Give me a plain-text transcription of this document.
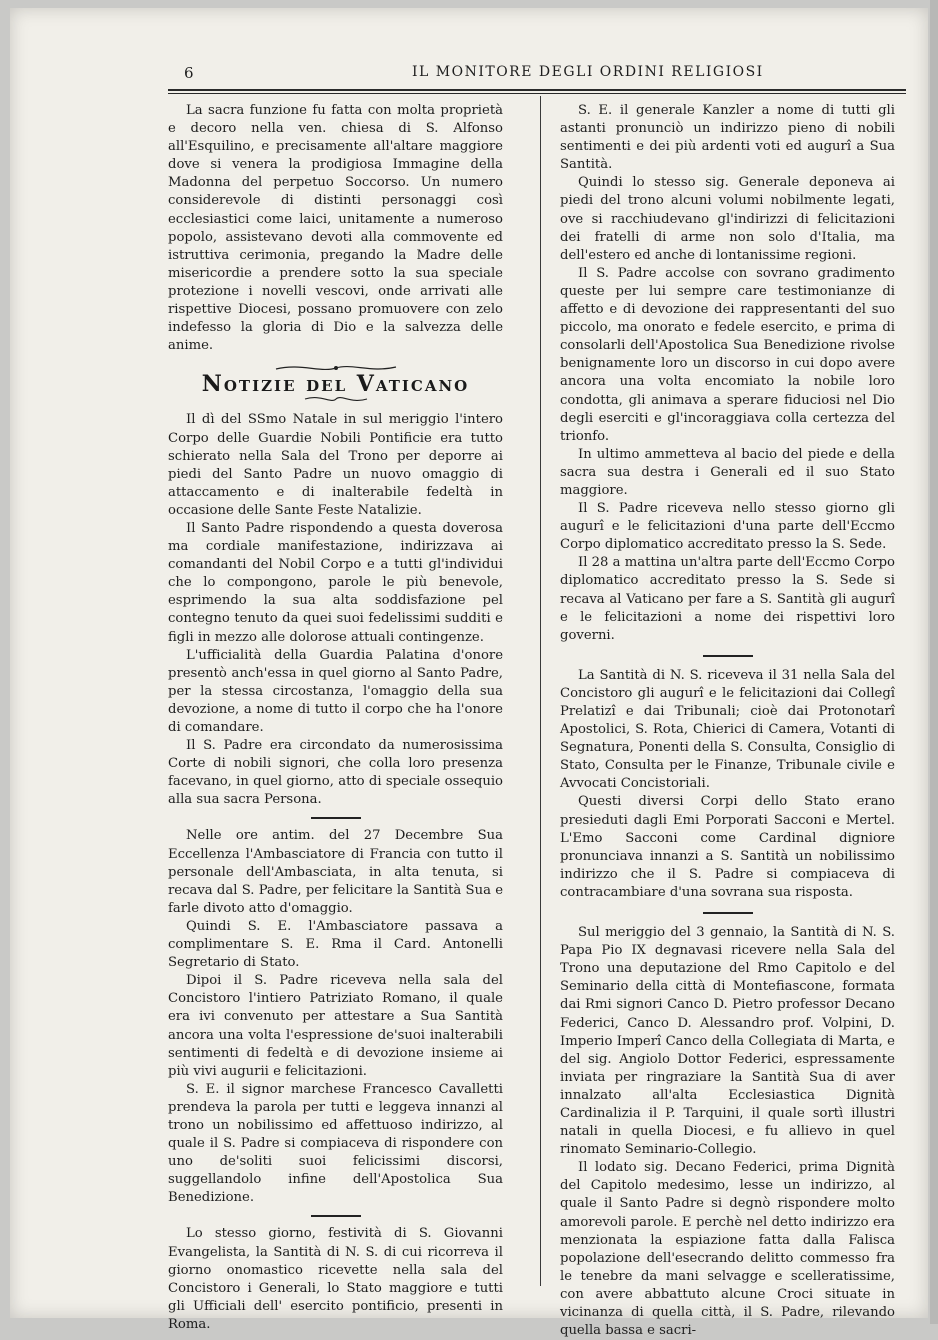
6	IL MONITORE DEGLI ORDINI RELIGIOSI

La sacra funzione fu fatta con molta proprietà e decoro nella ven. chiesa di S. Alfonso all'Esquilino, e precisamente all'altare maggiore dove si venera la prodigiosa Immagine della Madonna del perpetuo Soccorso. Un numero considerevole di distinti personaggi così ecclesiastici come laici, unitamente a numeroso popolo, assistevano devoti alla commovente ed istruttiva cerimonia, pregando la Madre delle misericordie a prendere sotto la sua speciale protezione i novelli vescovi, onde arrivati alle rispettive Diocesi, possano promuovere con zelo indefesso la gloria di Dio e la salvezza delle anime.

Notizie del Vaticano

Il dì del SSmo Natale in sul meriggio l'intero Corpo delle Guardie Nobili Pontificie era tutto schierato nella Sala del Trono per deporre ai piedi del Santo Padre un nuovo omaggio di attaccamento e di inalterabile fedeltà in occasione delle Sante Feste Natalizie.

Il Santo Padre rispondendo a questa doverosa ma cordiale manifestazione, indirizzava ai comandanti del Nobil Corpo e a tutti gl'individui che lo compongono, parole le più benevole, esprimendo la sua alta soddisfazione pel contegno tenuto da quei suoi fedelissimi sudditi e figli in mezzo alle dolorose attuali contingenze.

L'ufficialità della Guardia Palatina d'onore presentò anch'essa in quel giorno al Santo Padre, per la stessa circostanza, l'omaggio della sua devozione, a nome di tutto il corpo che ha l'onore di comandare.

Il S. Padre era circondato da numerosissima Corte di nobili signori, che colla loro presenza facevano, in quel giorno, atto di speciale ossequio alla sua sacra Persona.

Nelle ore antim. del 27 Decembre Sua Eccellenza l'Ambasciatore di Francia con tutto il personale dell'Ambasciata, in alta tenuta, si recava dal S. Padre, per felicitare la Santità Sua e farle divoto atto d'omaggio.

Quindi S. E. l'Ambasciatore passava a complimentare S. E. Rma il Card. Antonelli Segretario di Stato.

Dipoi il S. Padre riceveva nella sala del Concistoro l'intiero Patriziato Romano, il quale era ivi convenuto per attestare a Sua Santità ancora una volta l'espressione de'suoi inalterabili sentimenti di fedeltà e di devozione insieme ai più vivi augurii e felicitazioni.

S. E. il signor marchese Francesco Cavalletti prendeva la parola per tutti e leggeva innanzi al trono un nobilissimo ed affettuoso indirizzo, al quale il S. Padre si compiaceva di rispondere con uno de'soliti suoi felicissimi discorsi, suggellandolo infine dell'Apostolica Sua Benedizione.

Lo stesso giorno, festività di S. Giovanni Evangelista, la Santità di N. S. di cui ricorreva il giorno onomastico ricevette nella sala del Concistoro i Generali, lo Stato maggiore e tutti gli Ufficiali dell' esercito pontificio, presenti in Roma.

S. E. il generale Kanzler a nome di tutti gli astanti pronunciò un indirizzo pieno di nobili sentimenti e dei più ardenti voti ed augurî a Sua Santità.

Quindi lo stesso sig. Generale deponeva ai piedi del trono alcuni volumi nobilmente legati, ove si racchiudevano gl'indirizzi di felicitazioni dei fratelli di arme non solo d'Italia, ma dell'estero ed anche di lontanissime regioni.

Il S. Padre accolse con sovrano gradimento queste per lui sempre care testimonianze di affetto e di devozione dei rappresentanti del suo piccolo, ma onorato e fedele esercito, e prima di consolarli dell'Apostolica Sua Benedizione rivolse benignamente loro un discorso in cui dopo avere ancora una volta encomiato la nobile loro condotta, gli animava a sperare fiduciosi nel Dio degli eserciti e gl'incoraggiava colla certezza del trionfo.

In ultimo ammetteva al bacio del piede e della sacra sua destra i Generali ed il suo Stato maggiore.

Il S. Padre riceveva nello stesso giorno gli augurî e le felicitazioni d'una parte dell'Eccmo Corpo diplomatico accreditato presso la S. Sede.

Il 28 a mattina un'altra parte dell'Eccmo Corpo diplomatico accreditato presso la S. Sede si recava al Vaticano per fare a S. Santità gli augurî e le felicitazioni a nome dei rispettivi loro governi.

La Santità di N. S. riceveva il 31 nella Sala del Concistoro gli augurî e le felicitazioni dai Collegî Prelatizî e dai Tribunali; cioè dai Protonotarî Apostolici, S. Rota, Chierici di Camera, Votanti di Segnatura, Ponenti della S. Consulta, Consiglio di Stato, Consulta per le Finanze, Tribunale civile e Avvocati Concistoriali.

Questi diversi Corpi dello Stato erano presieduti dagli Emi Porporati Sacconi e Mertel. L'Emo Sacconi come Cardinal digniore pronunciava innanzi a S. Santità un nobilissimo indirizzo che il S. Padre si compiaceva di contracambiare d'una sovrana sua risposta.

Sul meriggio del 3 gennaio, la Santità di N. S. Papa Pio IX degnavasi ricevere nella Sala del Trono una deputazione del Rmo Capitolo e del Seminario della città di Montefiascone, formata dai Rmi signori Canco D. Pietro professor Decano Federici, Canco D. Alessandro prof. Volpini, D. Imperio Imperî Canco della Collegiata di Marta, e del sig. Angiolo Dottor Federici, espressamente inviata per ringraziare la Santità Sua di aver innalzato all'alta Ecclesiastica Dignità Cardinalizia il P. Tarquini, il quale sortì illustri natali in quella Diocesi, e fu allievo in quel rinomato Seminario-Collegio.

Il lodato sig. Decano Federici, prima Dignità del Capitolo medesimo, lesse un indirizzo, al quale il Santo Padre si degnò rispondere molto amorevoli parole. E perchè nel detto indirizzo era menzionata la espiazione fatta dalla Falisca popolazione dell'esecrando delitto commesso fra le tenebre da mani selvagge e scelleratissime, con avere abbattuto alcune Croci situate in vicinanza di quella città, il S. Padre, rilevando quella bassa e sacri-
